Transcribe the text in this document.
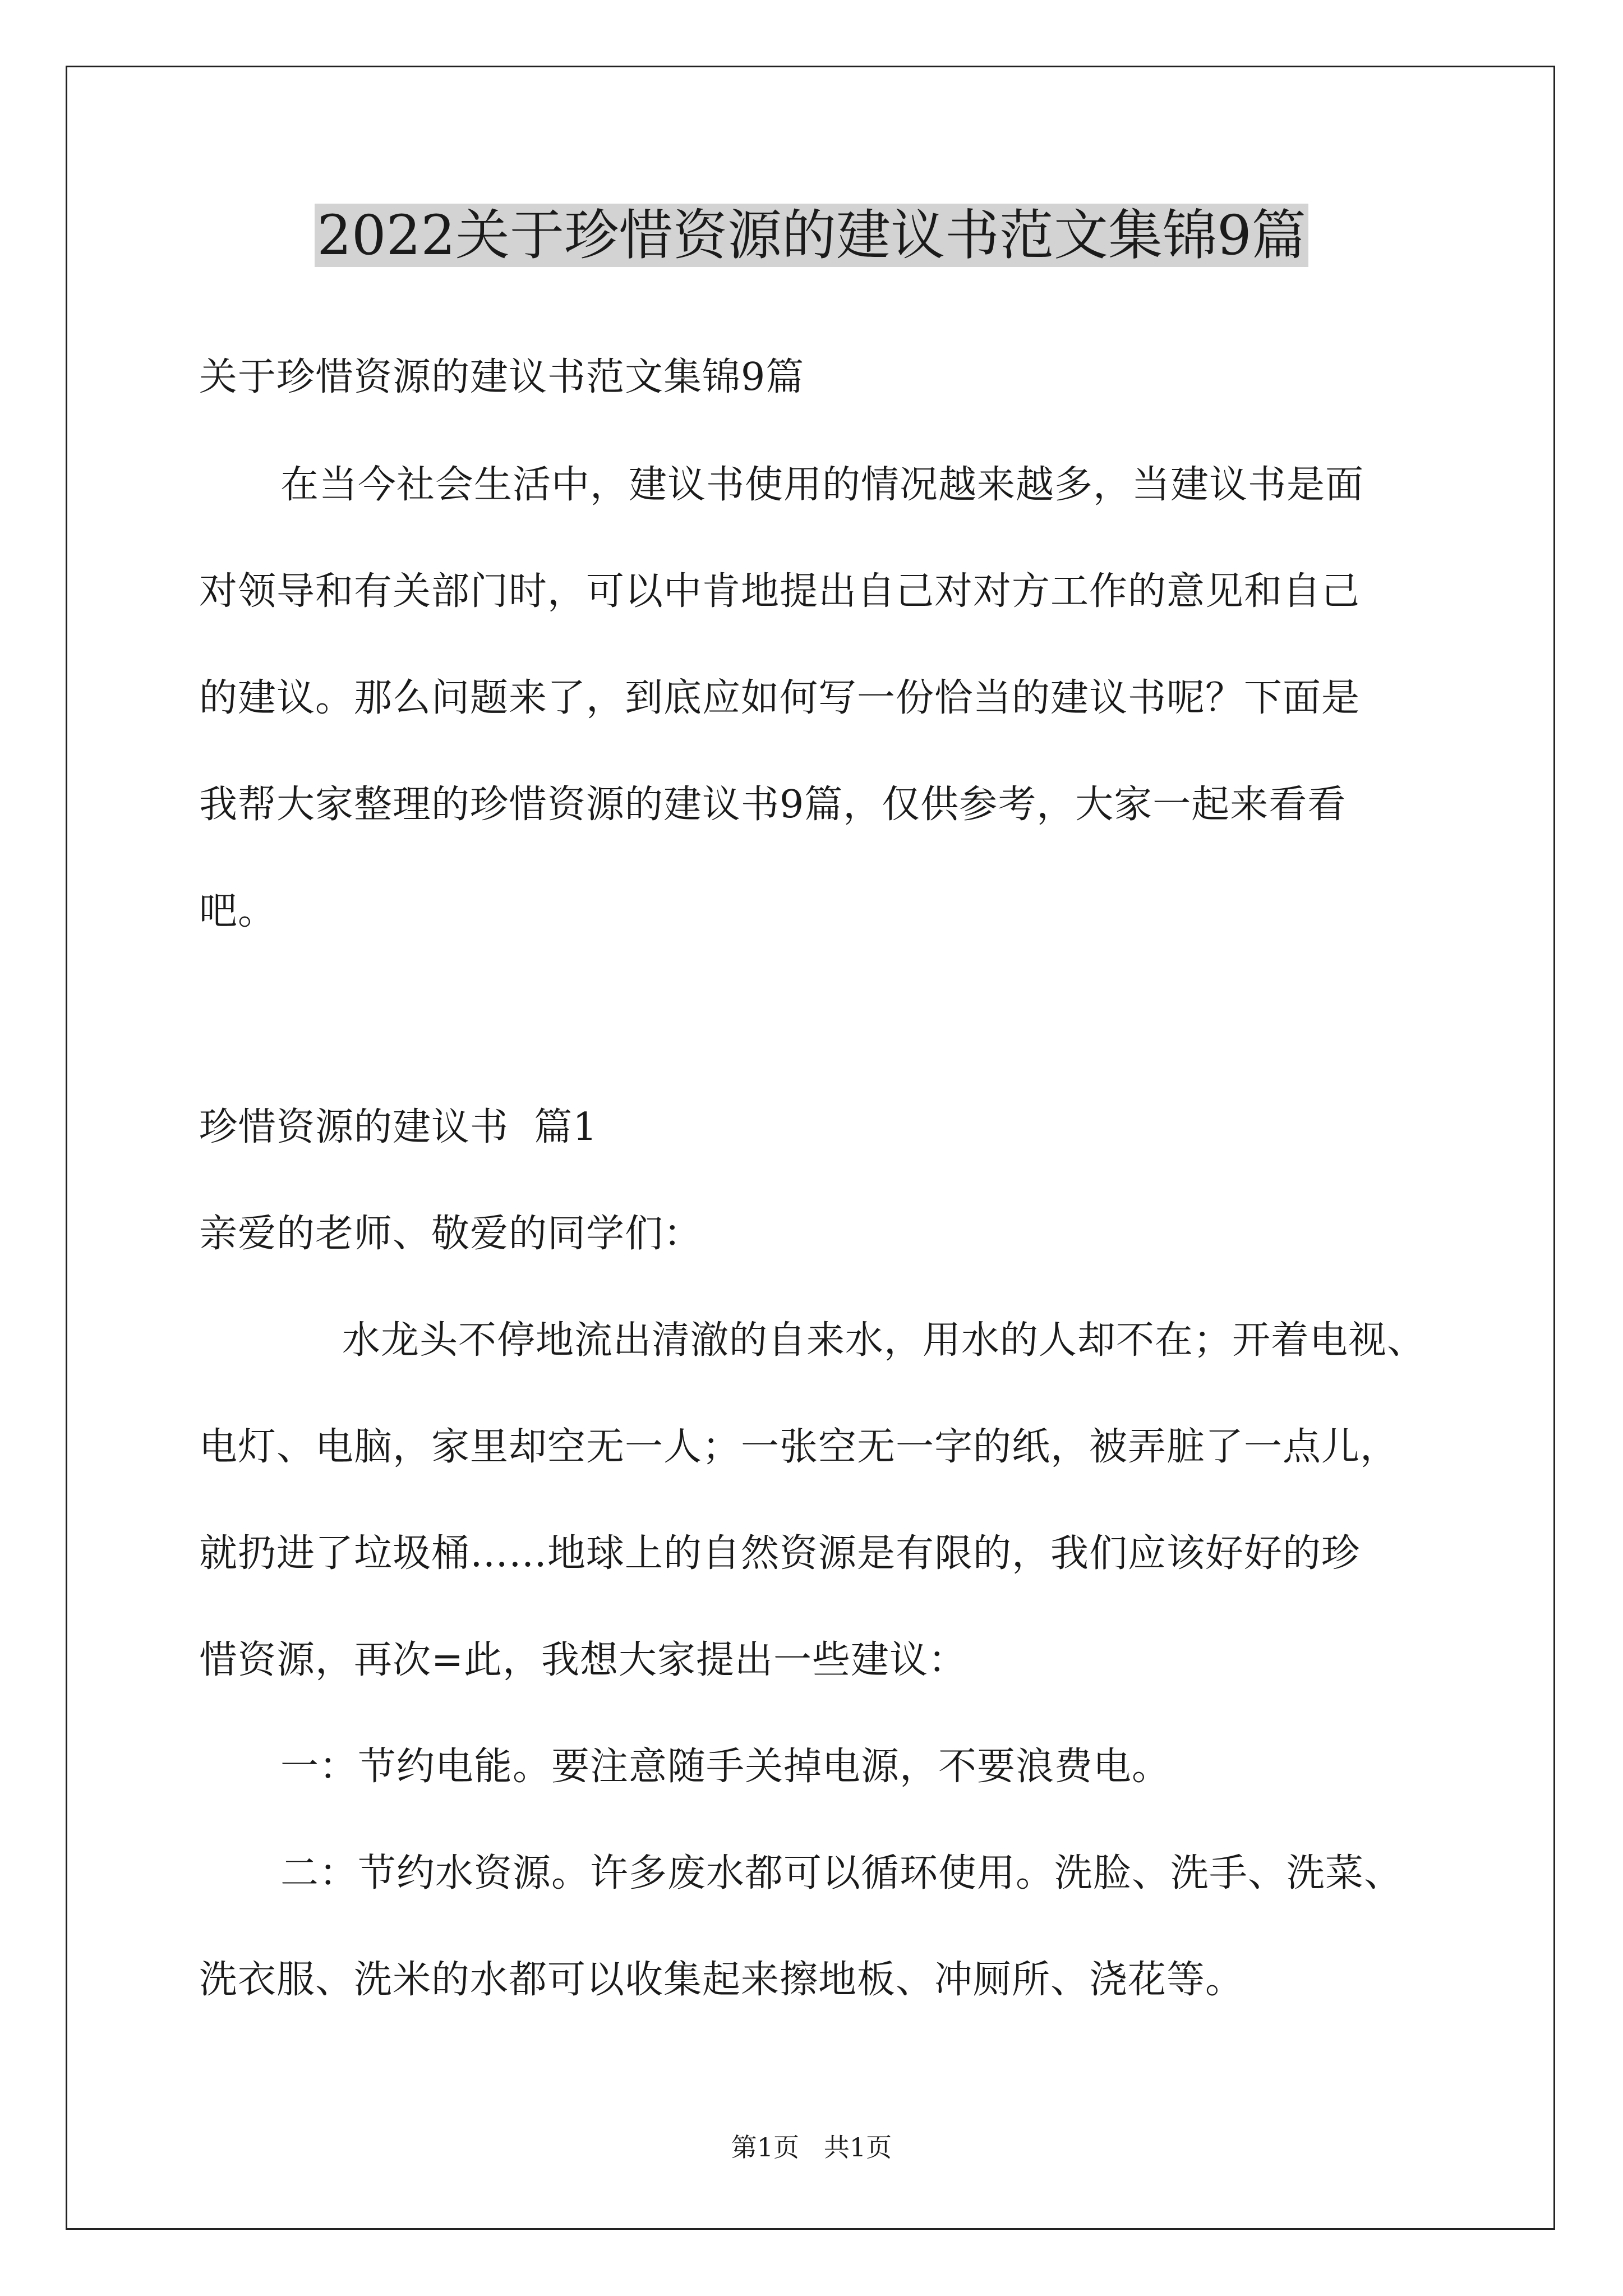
2022关于珍惜资源的建议书范文集锦9篇
关于珍惜资源的建议书范文集锦9篇
在当今社会生活中，建议书使用的情况越来越多，当建议书是面
对领导和有关部门时，可以中肯地提出自己对对方工作的意见和自己
的建议。那么问题来了，到底应如何写一份恰当的建议书呢？下面是
我帮大家整理的珍惜资源的建议书9篇，仅供参考，大家一起来看看
吧。
珍惜资源的建议书  篇1
亲爱的老师、敬爱的同学们：
水龙头不停地流出清澈的自来水，用水的人却不在；开着电视、
电灯、电脑，家里却空无一人；一张空无一字的纸，被弄脏了一点儿，
就扔进了垃圾桶……地球上的自然资源是有限的，我们应该好好的珍
惜资源，再次=此，我想大家提出一些建议：
一：节约电能。要注意随手关掉电源，不要浪费电。
二：节约水资源。许多废水都可以循环使用。洗脸、洗手、洗菜、
洗衣服、洗米的水都可以收集起来擦地板、冲厕所、浇花等。
第1页   共1页
